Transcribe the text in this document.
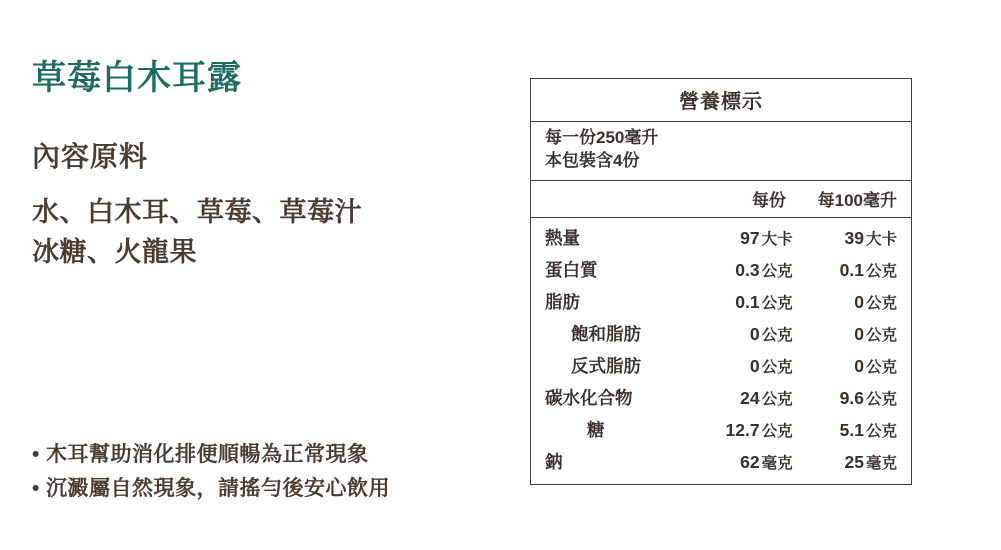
草莓白木耳露
內容原料
水、白木耳、草莓、草莓汁
冰糖、火龍果
• 木耳幫助消化排便順暢為正常現象
• 沉澱屬自然現象，請搖勻後安心飲用
營養標示
每一份250毫升
本包裝含4份
每份	每100毫升
熱量	97 大卡	39 大卡
蛋白質	0.3 公克	0.1 公克
脂肪	0.1 公克	0 公克
飽和脂肪	0 公克	0 公克
反式脂肪	0 公克	0 公克
碳水化合物	24 公克	9.6 公克
糖	12.7 公克	5.1 公克
鈉	62 毫克	25 毫克
